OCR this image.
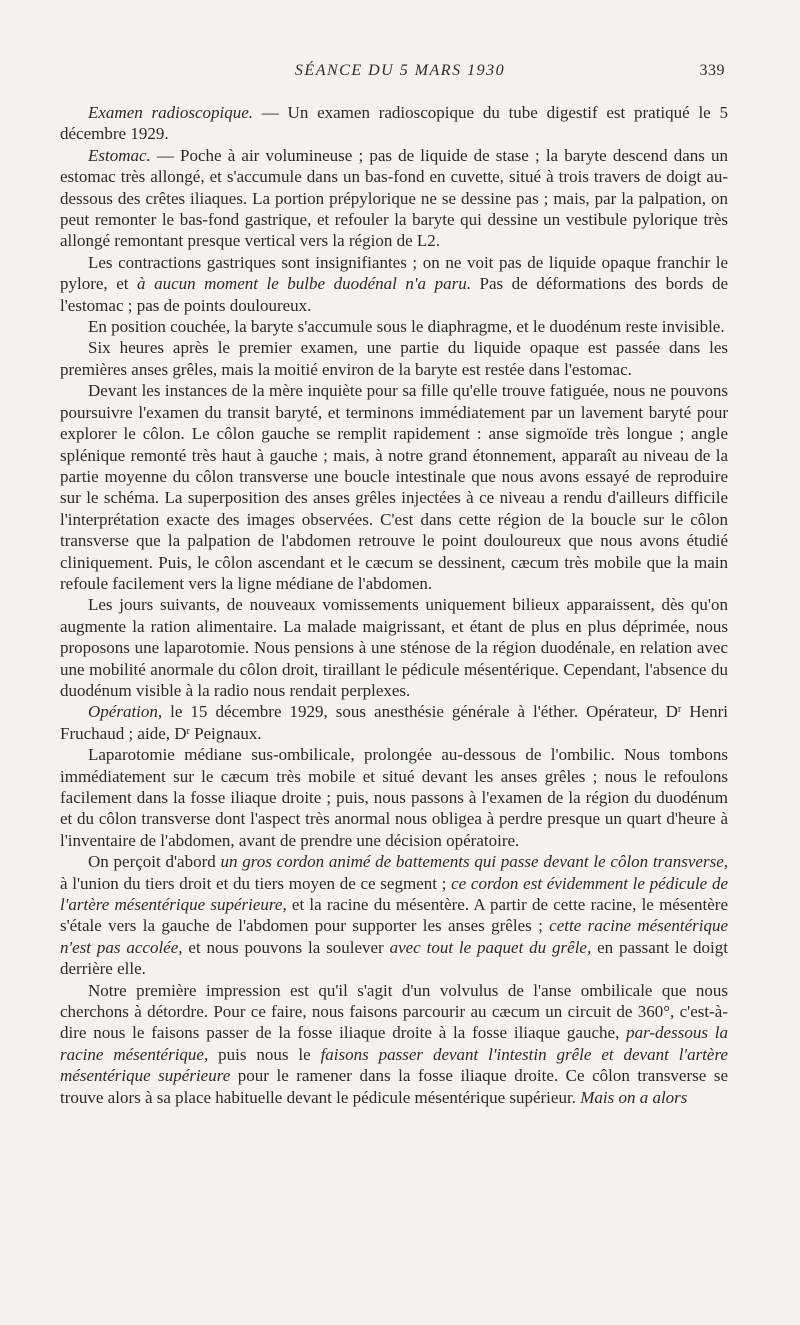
SÉANCE DU 5 MARS 1930	339

Examen radioscopique. — Un examen radioscopique du tube digestif est pratiqué le 5 décembre 1929.

Estomac. — Poche à air volumineuse ; pas de liquide de stase ; la baryte descend dans un estomac très allongé, et s'accumule dans un bas-fond en cuvette, situé à trois travers de doigt au-dessous des crêtes iliaques. La portion prépylorique ne se dessine pas ; mais, par la palpation, on peut remonter le bas-fond gastrique, et refouler la baryte qui dessine un vestibule pylorique très allongé remontant presque vertical vers la région de L2.

Les contractions gastriques sont insignifiantes ; on ne voit pas de liquide opaque franchir le pylore, et à aucun moment le bulbe duodénal n'a paru. Pas de déformations des bords de l'estomac ; pas de points douloureux.

En position couchée, la baryte s'accumule sous le diaphragme, et le duodénum reste invisible.

Six heures après le premier examen, une partie du liquide opaque est passée dans les premières anses grêles, mais la moitié environ de la baryte est restée dans l'estomac.

Devant les instances de la mère inquiète pour sa fille qu'elle trouve fatiguée, nous ne pouvons poursuivre l'examen du transit baryté, et terminons immédiatement par un lavement baryté pour explorer le côlon. Le côlon gauche se remplit rapidement : anse sigmoïde très longue ; angle splénique remonté très haut à gauche ; mais, à notre grand étonnement, apparaît au niveau de la partie moyenne du côlon transverse une boucle intestinale que nous avons essayé de reproduire sur le schéma. La superposition des anses grêles injectées à ce niveau a rendu d'ailleurs difficile l'interprétation exacte des images observées. C'est dans cette région de la boucle sur le côlon transverse que la palpation de l'abdomen retrouve le point douloureux que nous avons étudié cliniquement. Puis, le côlon ascendant et le cæcum se dessinent, cæcum très mobile que la main refoule facilement vers la ligne médiane de l'abdomen.

Les jours suivants, de nouveaux vomissements uniquement bilieux apparaissent, dès qu'on augmente la ration alimentaire. La malade maigrissant, et étant de plus en plus déprimée, nous proposons une laparotomie. Nous pensions à une sténose de la région duodénale, en relation avec une mobilité anormale du côlon droit, tiraillant le pédicule mésentérique. Cependant, l'absence du duodénum visible à la radio nous rendait perplexes.

Opération, le 15 décembre 1929, sous anesthésie générale à l'éther. Opérateur, $D^r$ Henri Fruchaud ; aide, $D^r$ Peignaux.

Laparotomie médiane sus-ombilicale, prolongée au-dessous de l'ombilic. Nous tombons immédiatement sur le cæcum très mobile et situé devant les anses grêles ; nous le refoulons facilement dans la fosse iliaque droite ; puis, nous passons à l'examen de la région du duodénum et du côlon transverse dont l'aspect très anormal nous obligea à perdre presque un quart d'heure à l'inventaire de l'abdomen, avant de prendre une décision opératoire.

On perçoit d'abord un gros cordon animé de battements qui passe devant le côlon transverse, à l'union du tiers droit et du tiers moyen de ce segment ; ce cordon est évidemment le pédicule de l'artère mésentérique supérieure, et la racine du mésentère. A partir de cette racine, le mésentère s'étale vers la gauche de l'abdomen pour supporter les anses grêles ; cette racine mésentérique n'est pas accolée, et nous pouvons la soulever avec tout le paquet du grêle, en passant le doigt derrière elle.

Notre première impression est qu'il s'agit d'un volvulus de l'anse ombilicale que nous cherchons à détordre. Pour ce faire, nous faisons parcourir au cæcum un circuit de 360°, c'est-à-dire nous le faisons passer de la fosse iliaque droite à la fosse iliaque gauche, par-dessous la racine mésentérique, puis nous le faisons passer devant l'intestin grêle et devant l'artère mésentérique supérieure pour le ramener dans la fosse iliaque droite. Ce côlon transverse se trouve alors à sa place habituelle devant le pédicule mésentérique supérieur. Mais on a alors
